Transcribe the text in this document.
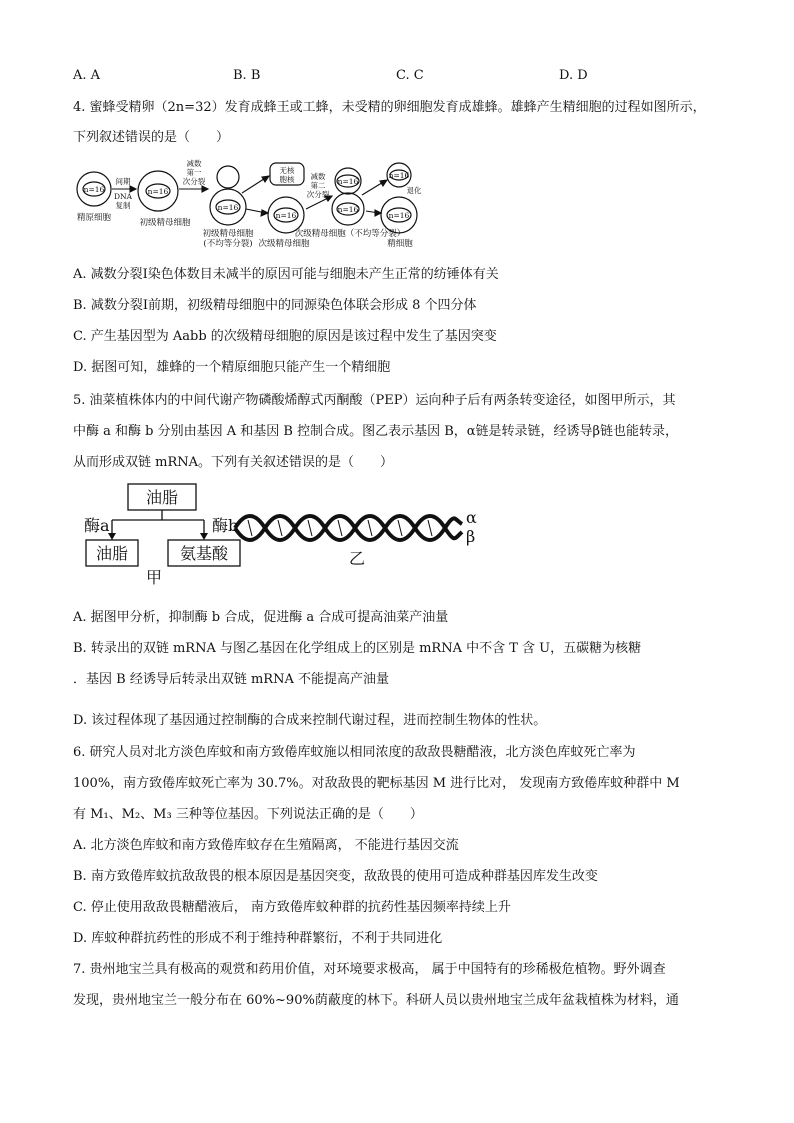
A. A	B. B	C. C	D. D
4. 蜜蜂受精卵（2n=32）发育成蜂王或工蜂，未受精的卵细胞发育成雄蜂。雄蜂产生精细胞的过程如图所示，
下列叙述错误的是（　　）
n=16	n=16
n=16
n=16
n=16
n=16
n=16
n=16
间期
DNA
复制
减数
第一
次分裂
无核
胞核 减数
第二
次分裂	退化
精原细胞	初级精母细胞
初级精母细胞
(不均等分裂) 次级精母细胞
次级精母细胞（不均等分裂）
精细胞
A. 减数分裂Ⅰ染色体数目未减半的原因可能与细胞未产生正常的纺锤体有关
B. 减数分裂Ⅰ前期，初级精母细胞中的同源染色体联会形成 8 个四分体
C. 产生基因型为 Aabb 的次级精母细胞的原因是该过程中发生了基因突变
D. 据图可知，雄蜂的一个精原细胞只能产生一个精细胞
5. 油菜植株体内的中间代谢产物磷酸烯醇式丙酮酸（PEP）运向种子后有两条转变途径，如图甲所示，其
中酶 a 和酶 b 分别由基因 A 和基因 B 控制合成。图乙表示基因 B，α链是转录链，经诱导β链也能转录，
从而形成双链 mRNA。下列有关叙述错误的是（　　）
油脂
油脂	氨基酸
酶a	酶b
甲
乙
α
β
A. 据图甲分析，抑制酶 b 合成，促进酶 a 合成可提高油菜产油量
B. 转录出的双链 mRNA 与图乙基因在化学组成上的区别是 mRNA 中不含 T 含 U，五碳糖为核糖
．基因 B 经诱导后转录出双链 mRNA 不能提高产油量
D. 该过程体现了基因通过控制酶的合成来控制代谢过程，进而控制生物体的性状。
6. 研究人员对北方淡色库蚊和南方致倦库蚊施以相同浓度的敌敌畏糖醋液，北方淡色库蚊死亡率为
100%，南方致倦库蚊死亡率为 30.7%。对敌敌畏的靶标基因 M 进行比对， 发现南方致倦库蚊种群中 M
有 M₁、M₂、M₃ 三种等位基因。下列说法正确的是（　　）
A. 北方淡色库蚊和南方致倦库蚊存在生殖隔离， 不能进行基因交流
B. 南方致倦库蚊抗敌敌畏的根本原因是基因突变，敌敌畏的使用可造成种群基因库发生改变
C. 停止使用敌敌畏糖醋液后， 南方致倦库蚊种群的抗药性基因频率持续上升
D. 库蚊种群抗药性的形成不利于维持种群繁衍，不利于共同进化
7. 贵州地宝兰具有极高的观赏和药用价值，对环境要求极高， 属于中国特有的珍稀极危植物。野外调查
发现，贵州地宝兰一般分布在 60%~90%荫蔽度的林下。科研人员以贵州地宝兰成年盆栽植株为材料，通
